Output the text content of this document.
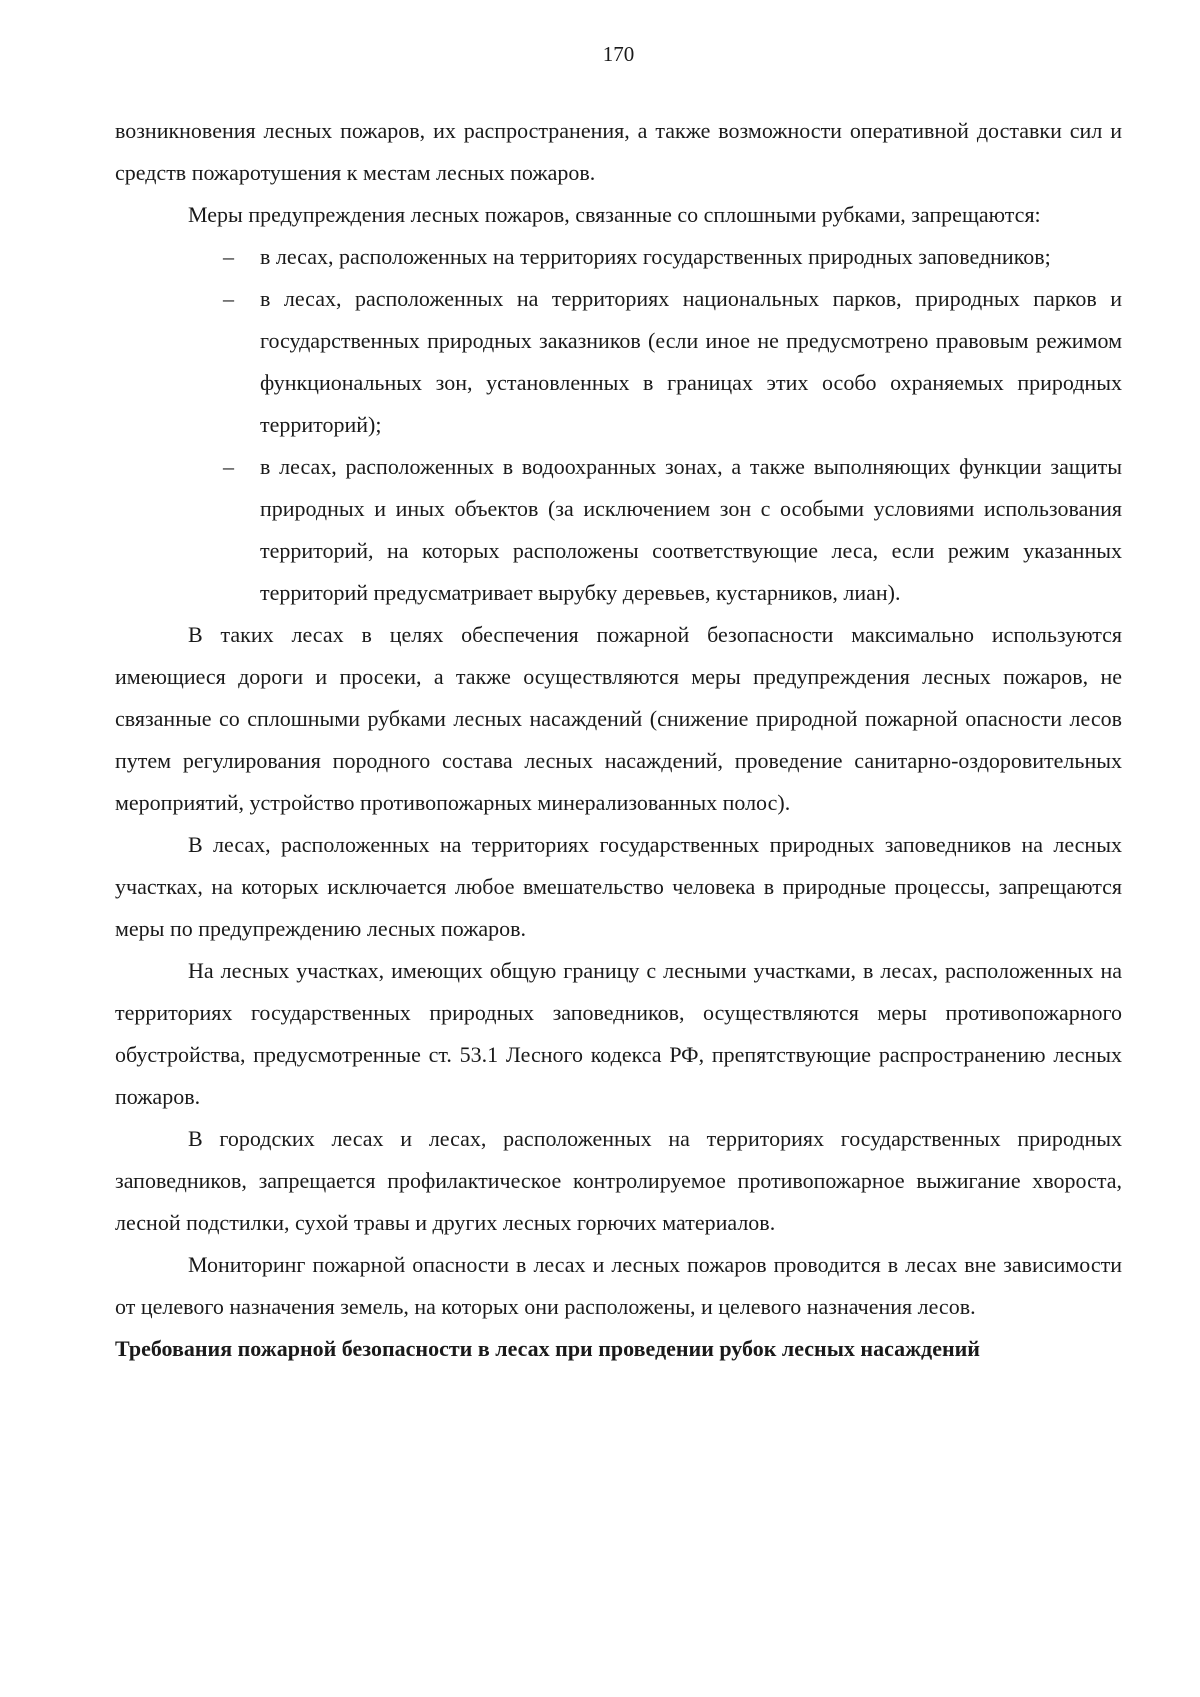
170

возникновения лесных пожаров, их распространения, а также возможности оперативной доставки сил и средств пожаротушения к местам лесных пожаров.

Меры предупреждения лесных пожаров, связанные со сплошными рубками, запрещаются:

– в лесах, расположенных на территориях государственных природных заповедников;
– в лесах, расположенных на территориях национальных парков, природных парков и государственных природных заказников (если иное не предусмотрено правовым режимом функциональных зон, установленных в границах этих особо охраняемых природных территорий);
– в лесах, расположенных в водоохранных зонах, а также выполняющих функции защиты природных и иных объектов (за исключением зон с особыми условиями использования территорий, на которых расположены соответствующие леса, если режим указанных территорий предусматривает вырубку деревьев, кустарников, лиан).

В таких лесах в целях обеспечения пожарной безопасности максимально используются имеющиеся дороги и просеки, а также осуществляются меры предупреждения лесных пожаров, не связанные со сплошными рубками лесных насаждений (снижение природной пожарной опасности лесов путем регулирования породного состава лесных насаждений, проведение санитарно-оздоровительных мероприятий, устройство противопожарных минерализованных полос).

В лесах, расположенных на территориях государственных природных заповедников на лесных участках, на которых исключается любое вмешательство человека в природные процессы, запрещаются меры по предупреждению лесных пожаров.

На лесных участках, имеющих общую границу с лесными участками, в лесах, расположенных на территориях государственных природных заповедников, осуществляются меры противопожарного обустройства, предусмотренные ст. 53.1 Лесного кодекса РФ, препятствующие распространению лесных пожаров.

В городских лесах и лесах, расположенных на территориях государственных природных заповедников, запрещается профилактическое контролируемое противопожарное выжигание хвороста, лесной подстилки, сухой травы и других лесных горючих материалов.

Мониторинг пожарной опасности в лесах и лесных пожаров проводится в лесах вне зависимости от целевого назначения земель, на которых они расположены, и целевого назначения лесов.

Требования пожарной безопасности в лесах при проведении рубок лесных насаждений
